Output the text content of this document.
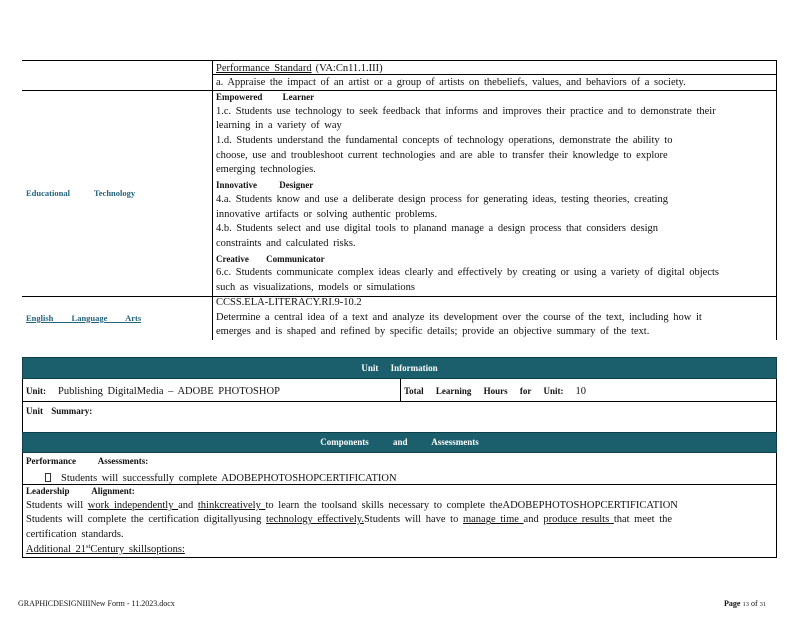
Performance Standard (VA:Cn11.1.III)
a. Appraise the impact of an artist or a group of artists on thebeliefs, values, and behaviors of a society.
Educational Technology
Empowered Learner
1.c. Students use technology to seek feedback that informs and improves their practice and to demonstrate their
learning in a variety of way
1.d. Students understand the fundamental concepts of technology operations, demonstrate the ability to
choose, use and troubleshoot current technologies and are able to transfer their knowledge to explore
emerging technologies.
Innovative Designer
4.a. Students know and use a deliberate design process for generating ideas, testing theories, creating
innovative artifacts or solving authentic problems.
4.b. Students select and use digital tools to planand manage a design process that considers design
constraints and calculated risks.
Creative Communicator
6.c. Students communicate complex ideas clearly and effectively by creating or using a variety of digital objects
such as visualizations, models or simulations
English Language Arts
CCSS.ELA-LITERACY.RI.9-10.2
Determine a central idea of a text and analyze its development over the course of the text, including how it
emerges and is shaped and refined by specific details; provide an objective summary of the text.
Unit Information
Unit: Publishing DigitalMedia – ADOBE PHOTOSHOP	Total Learning Hours for Unit: 10
Unit Summary:
Components and Assessments
Performance Assessments:
Students will successfully complete ADOBEPHOTOSHOPCERTIFICATION
Leadership Alignment:
Students will work independently and thinkcreatively to learn the toolsand skills necessary to complete theADOBEPHOTOSHOPCERTIFICATION
Students will complete the certification digitallyusing technology effectively.Students will have to manage time and produce results that meet the
certification standards.
Additional 21stCentury skillsoptions:
GRAPHICDESIGNIIINew Form - 11.2023.docx	Page 13 of 31
